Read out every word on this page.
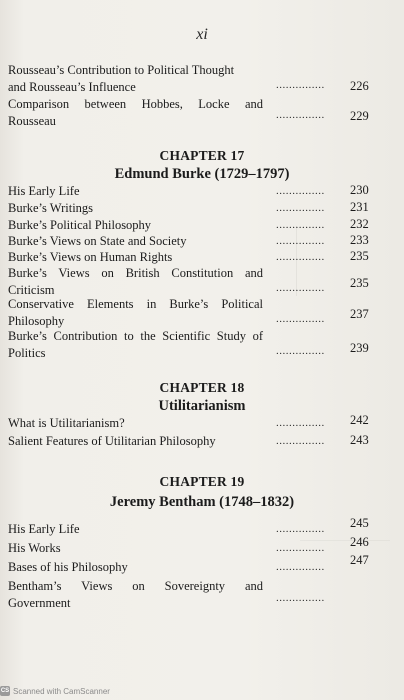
xi
Rousseau’s Contribution to Political Thought
and Rousseau’s Influence	............... 226
Comparison between Hobbes, Locke and
Rousseau	............... 229
CHAPTER 17
Edmund Burke (1729–1797)
His Early Life	............... 230
Burke’s Writings	............... 231
Burke’s Political Philosophy	............... 232
Burke’s Views on State and Society	............... 233
Burke’s Views on Human Rights	............... 235
Burke’s Views on British Constitution and
Criticism	............... 235
Conservative Elements in Burke’s Political
Philosophy	............... 237
Burke’s Contribution to the Scientific Study of
Politics	............... 239
CHAPTER 18
Utilitarianism
What is Utilitarianism?	............... 242
Salient Features of Utilitarian Philosophy	............... 243
CHAPTER 19
Jeremy Bentham (1748–1832)
His Early Life	............... 245
His Works	............... 246
Bases of his Philosophy	............... 247
Bentham’s Views on Sovereignty and
Government	...............
CS Scanned with CamScanner
